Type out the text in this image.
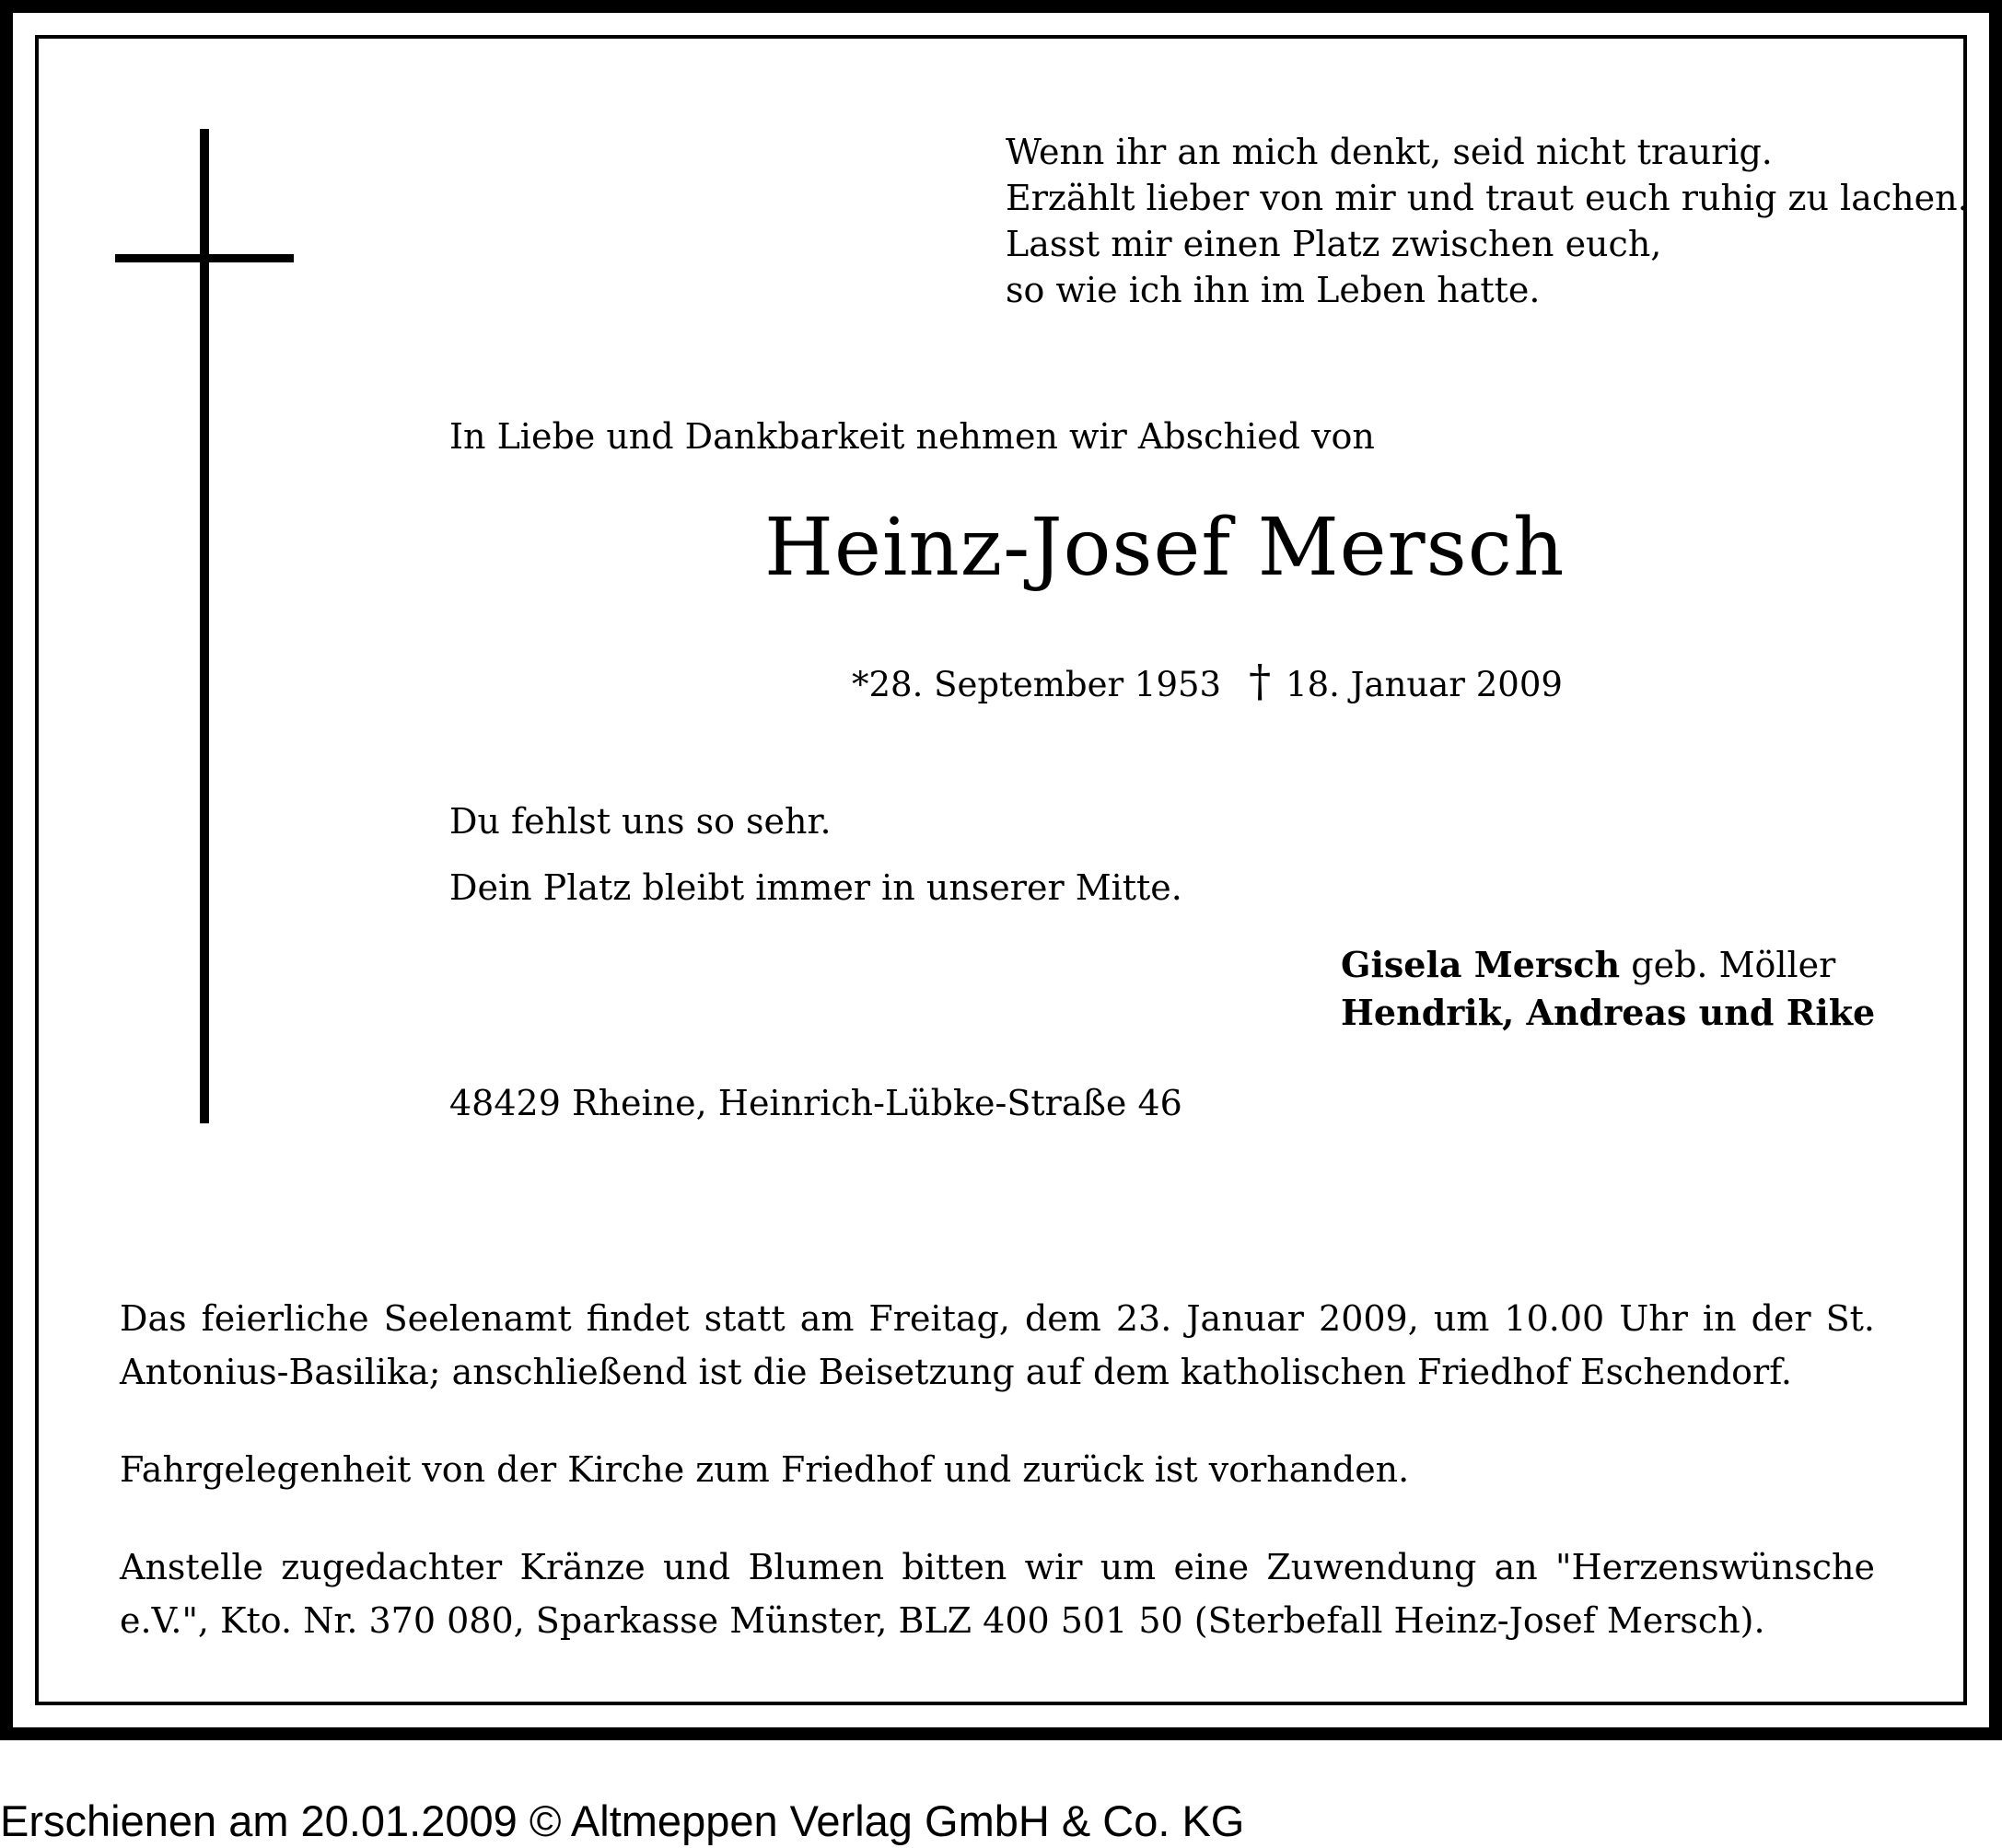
Wenn ihr an mich denkt, seid nicht traurig.
Erzählt lieber von mir und traut euch ruhig zu lachen.
Lasst mir einen Platz zwischen euch,
so wie ich ihn im Leben hatte.
In Liebe und Dankbarkeit nehmen wir Abschied von
Heinz-Josef Mersch
*28. September 1953 † 18. Januar 2009
Du fehlst uns so sehr.
Dein Platz bleibt immer in unserer Mitte.
Gisela Mersch geb. Möller
Hendrik, Andreas und Rike
48429 Rheine, Heinrich-Lübke-Straße 46

Das feierliche Seelenamt findet statt am Freitag, dem 23. Januar 2009, um 10.00 Uhr in der St. Antonius-Basilika; anschließend ist die Beisetzung auf dem katholischen Friedhof Eschendorf.

Fahrgelegenheit von der Kirche zum Friedhof und zurück ist vorhanden.

Anstelle zugedachter Kränze und Blumen bitten wir um eine Zuwendung an "Herzenswünsche e.V.", Kto. Nr. 370 080, Sparkasse Münster, BLZ 400 501 50 (Sterbefall Heinz-Josef Mersch).

Erschienen am 20.01.2009 © Altmeppen Verlag GmbH & Co. KG
